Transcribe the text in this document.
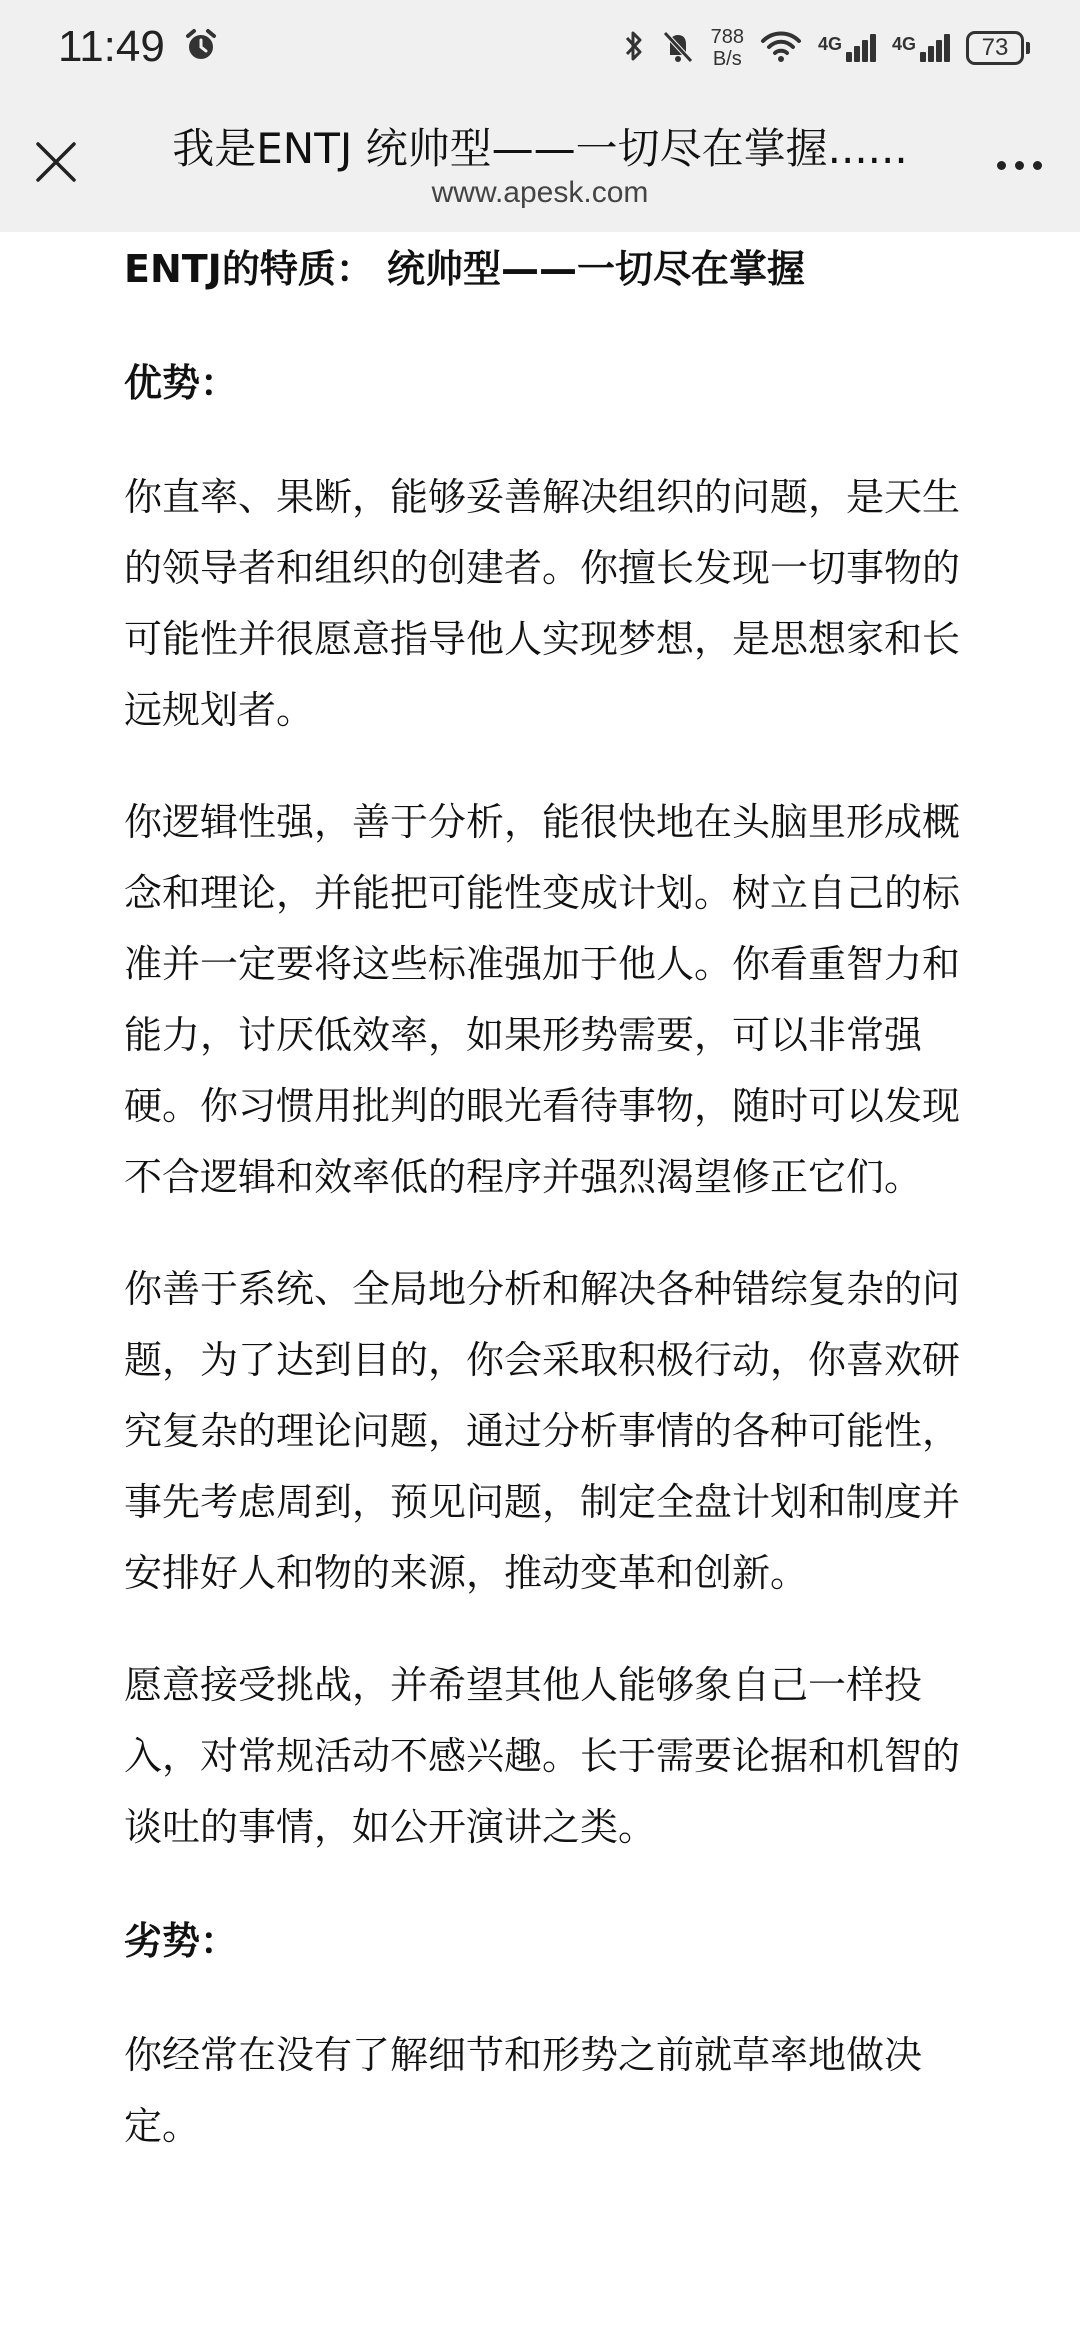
11:49	788
B/s
4G	4G	73
我是ENTJ 统帅型——一切尽在掌握......
www.apesk.com

ENTJ的特质： 统帅型——一切尽在掌握

优势：

你直率、果断，能够妥善解决组织的问题，是天生的领导者和组织的创建者。你擅长发现一切事物的可能性并很愿意指导他人实现梦想，是思想家和长远规划者。

你逻辑性强，善于分析，能很快地在头脑里形成概念和理论，并能把可能性变成计划。树立自己的标准并一定要将这些标准强加于他人。你看重智力和能力，讨厌低效率，如果形势需要，可以非常强硬。你习惯用批判的眼光看待事物，随时可以发现不合逻辑和效率低的程序并强烈渴望修正它们。

你善于系统、全局地分析和解决各种错综复杂的问题，为了达到目的，你会采取积极行动，你喜欢研究复杂的理论问题，通过分析事情的各种可能性，事先考虑周到，预见问题，制定全盘计划和制度并安排好人和物的来源，推动变革和创新。

愿意接受挑战，并希望其他人能够象自己一样投入，对常规活动不感兴趣。长于需要论据和机智的谈吐的事情，如公开演讲之类。

劣势：

你经常在没有了解细节和形势之前就草率地做决定。
